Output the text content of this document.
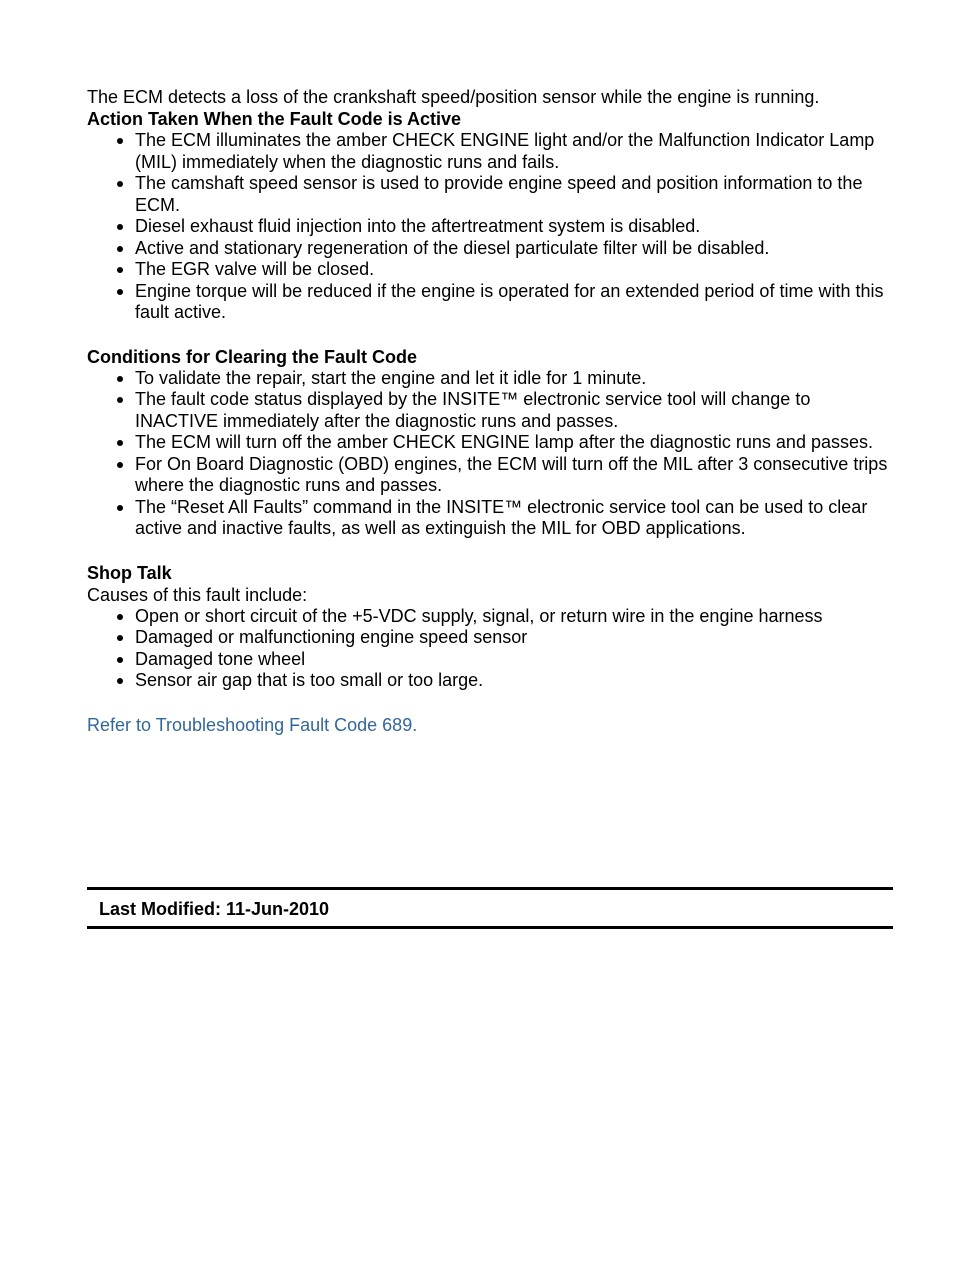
The ECM detects a loss of the crankshaft speed/position sensor while the engine is running.

Action Taken When the Fault Code is Active
The ECM illuminates the amber CHECK ENGINE light and/or the Malfunction Indicator Lamp (MIL) immediately when the diagnostic runs and fails.
The camshaft speed sensor is used to provide engine speed and position information to the ECM.
Diesel exhaust fluid injection into the aftertreatment system is disabled.
Active and stationary regeneration of the diesel particulate filter will be disabled.
The EGR valve will be closed.
Engine torque will be reduced if the engine is operated for an extended period of time with this fault active.
Conditions for Clearing the Fault Code
To validate the repair, start the engine and let it idle for 1 minute.
The fault code status displayed by the INSITE™ electronic service tool will change to INACTIVE immediately after the diagnostic runs and passes.
The ECM will turn off the amber CHECK ENGINE lamp after the diagnostic runs and passes.
For On Board Diagnostic (OBD) engines, the ECM will turn off the MIL after 3 consecutive trips where the diagnostic runs and passes.
The “Reset All Faults” command in the INSITE™ electronic service tool can be used to clear active and inactive faults, as well as extinguish the MIL for OBD applications.
Shop Talk

Causes of this fault include:

Open or short circuit of the +5-VDC supply, signal, or return wire in the engine harness
Damaged or malfunctioning engine speed sensor
Damaged tone wheel
Sensor air gap that is too small or too large.
Refer to Troubleshooting Fault Code 689.
Last Modified: 11-Jun-2010
